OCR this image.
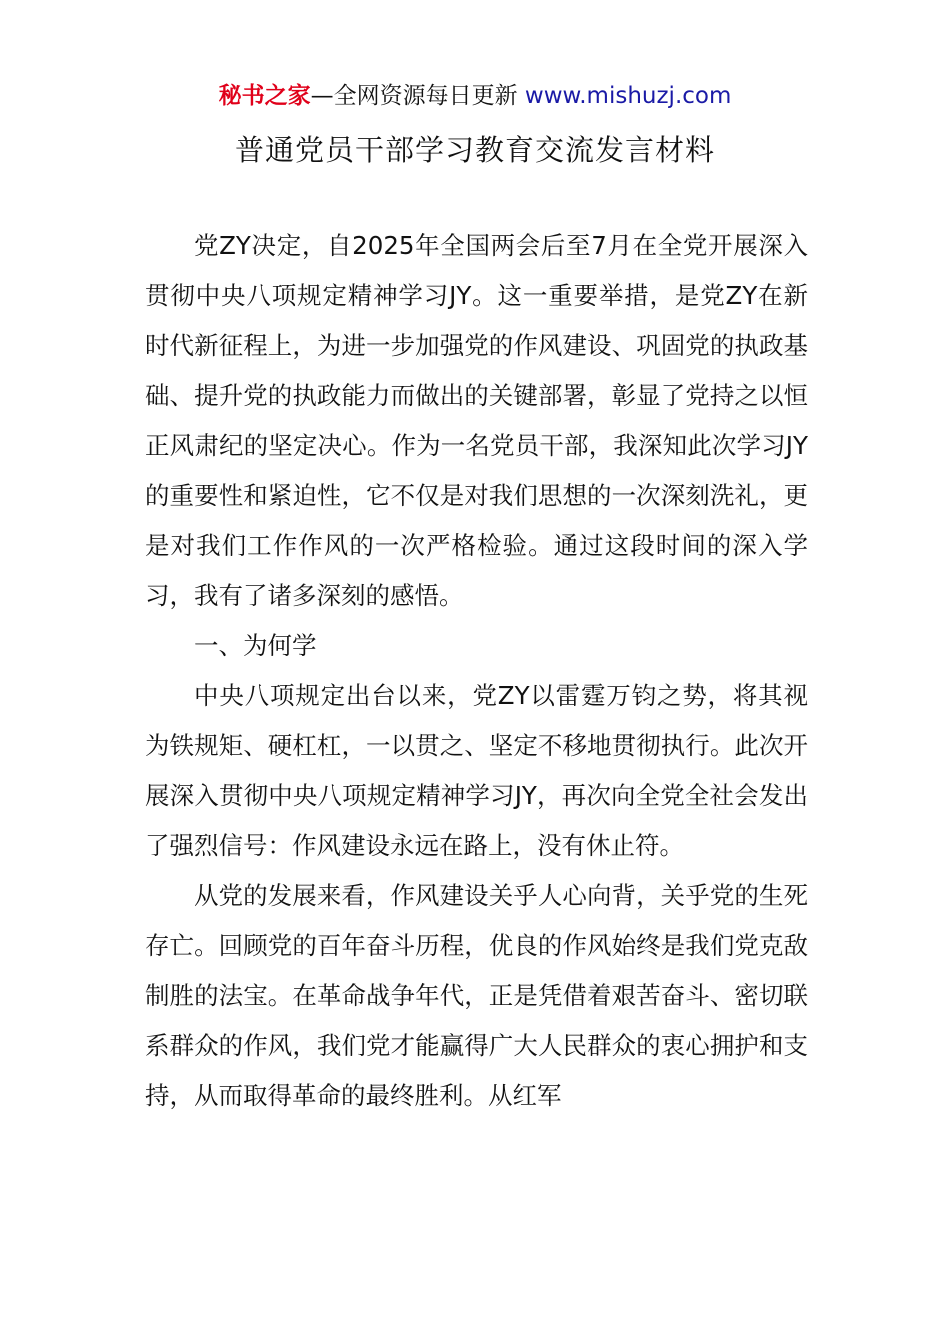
秘书之家—全网资源每日更新 www.mishuzj.com
普通党员干部学习教育交流发言材料

党ZY决定，自2025年全国两会后至7月在全党开展深入贯彻中央八项规定精神学习JY。这一重要举措，是党ZY在新时代新征程上，为进一步加强党的作风建设、巩固党的执政基础、提升党的执政能力而做出的关键部署，彰显了党持之以恒正风肃纪的坚定决心。作为一名党员干部，我深知此次学习JY的重要性和紧迫性，它不仅是对我们思想的一次深刻洗礼，更是对我们工作作风的一次严格检验。通过这段时间的深入学习，我有了诸多深刻的感悟。

一、为何学

中央八项规定出台以来，党ZY以雷霆万钧之势，将其视为铁规矩、硬杠杠，一以贯之、坚定不移地贯彻执行。此次开展深入贯彻中央八项规定精神学习JY，再次向全党全社会发出了强烈信号：作风建设永远在路上，没有休止符。

从党的发展来看，作风建设关乎人心向背，关乎党的生死存亡。回顾党的百年奋斗历程，优良的作风始终是我们党克敌制胜的法宝。在革命战争年代，正是凭借着艰苦奋斗、密切联系群众的作风，我们党才能赢得广大人民群众的衷心拥护和支持，从而取得革命的最终胜利。从红军
